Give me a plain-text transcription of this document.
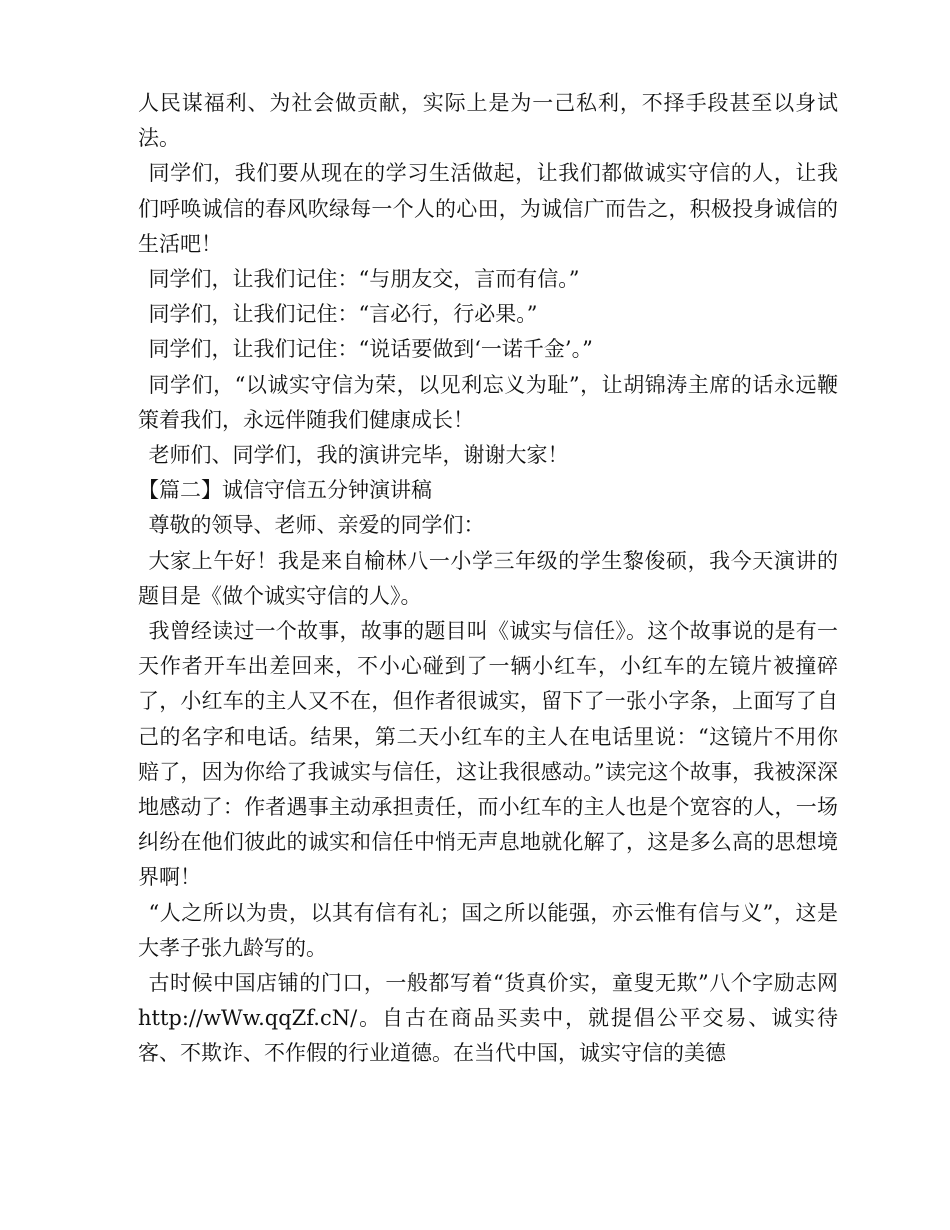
人民谋福利、为社会做贡献，实际上是为一己私利，不择手段甚至以身试法。

同学们，我们要从现在的学习生活做起，让我们都做诚实守信的人，让我们呼唤诚信的春风吹绿每一个人的心田，为诚信广而告之，积极投身诚信的生活吧！

同学们，让我们记住：“与朋友交，言而有信。”

同学们，让我们记住：“言必行，行必果。”

同学们，让我们记住：“说话要做到‘一诺千金’。”

同学们，“以诚实守信为荣，以见利忘义为耻”，让胡锦涛主席的话永远鞭策着我们，永远伴随我们健康成长！

老师们、同学们，我的演讲完毕，谢谢大家！

【篇二】诚信守信五分钟演讲稿

尊敬的领导、老师、亲爱的同学们：

大家上午好！我是来自榆林八一小学三年级的学生黎俊硕，我今天演讲的题目是《做个诚实守信的人》。

我曾经读过一个故事，故事的题目叫《诚实与信任》。这个故事说的是有一天作者开车出差回来，不小心碰到了一辆小红车，小红车的左镜片被撞碎了，小红车的主人又不在，但作者很诚实，留下了一张小字条，上面写了自己的名字和电话。结果，第二天小红车的主人在电话里说：“这镜片不用你赔了，因为你给了我诚实与信任，这让我很感动。”读完这个故事，我被深深地感动了：作者遇事主动承担责任，而小红车的主人也是个宽容的人，一场纠纷在他们彼此的诚实和信任中悄无声息地就化解了，这是多么高的思想境界啊！

“人之所以为贵，以其有信有礼；国之所以能强，亦云惟有信与义”，这是大孝子张九龄写的。

古时候中国店铺的门口，一般都写着“货真价实，童叟无欺”八个字励志网 http://wWw.qqZf.cN/。自古在商品买卖中，就提倡公平交易、诚实待客、不欺诈、不作假的行业道德。在当代中国，诚实守信的美德
